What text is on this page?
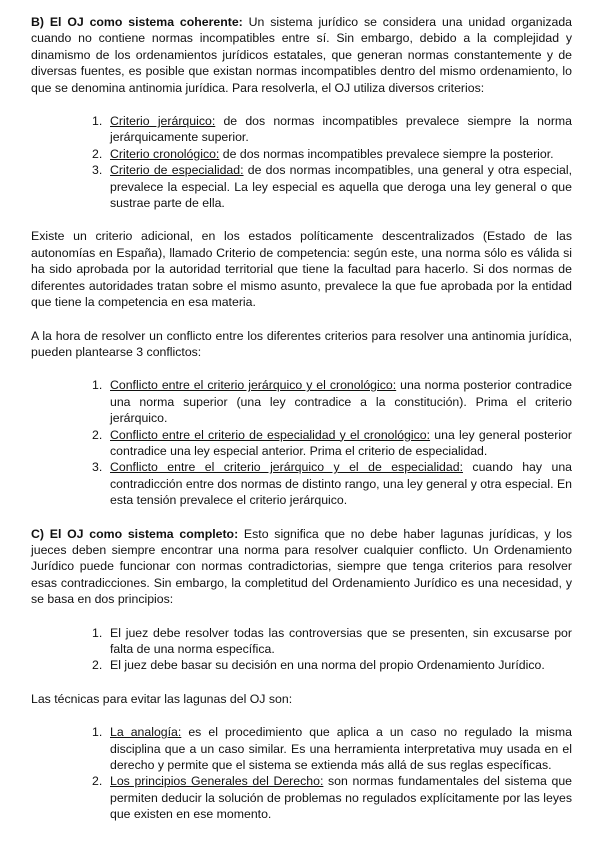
B) El OJ como sistema coherente: Un sistema jurídico se considera una unidad organizada cuando no contiene normas incompatibles entre sí. Sin embargo, debido a la complejidad y dinamismo de los ordenamientos jurídicos estatales, que generan normas constantemente y de diversas fuentes, es posible que existan normas incompatibles dentro del mismo ordenamiento, lo que se denomina antinomia jurídica. Para resolverla, el OJ utiliza diversos criterios:

1. Criterio jerárquico: de dos normas incompatibles prevalece siempre la norma jerárquicamente superior.
2. Criterio cronológico: de dos normas incompatibles prevalece siempre la posterior.
3. Criterio de especialidad: de dos normas incompatibles, una general y otra especial, prevalece la especial. La ley especial es aquella que deroga una ley general o que sustrae parte de ella.

Existe un criterio adicional, en los estados políticamente descentralizados (Estado de las autonomías en España), llamado Criterio de competencia: según este, una norma sólo es válida si ha sido aprobada por la autoridad territorial que tiene la facultad para hacerlo. Si dos normas de diferentes autoridades tratan sobre el mismo asunto, prevalece la que fue aprobada por la entidad que tiene la competencia en esa materia.

A la hora de resolver un conflicto entre los diferentes criterios para resolver una antinomia jurídica, pueden plantearse 3 conflictos:

1. Conflicto entre el criterio jerárquico y el cronológico: una norma posterior contradice una norma superior (una ley contradice a la constitución). Prima el criterio jerárquico.
2. Conflicto entre el criterio de especialidad y el cronológico: una ley general posterior contradice una ley especial anterior. Prima el criterio de especialidad.
3. Conflicto entre el criterio jerárquico y el de especialidad: cuando hay una contradicción entre dos normas de distinto rango, una ley general y otra especial. En esta tensión prevalece el criterio jerárquico.

C) El OJ como sistema completo: Esto significa que no debe haber lagunas jurídicas, y los jueces deben siempre encontrar una norma para resolver cualquier conflicto. Un Ordenamiento Jurídico puede funcionar con normas contradictorias, siempre que tenga criterios para resolver esas contradicciones. Sin embargo, la completitud del Ordenamiento Jurídico es una necesidad, y se basa en dos principios:

1. El juez debe resolver todas las controversias que se presenten, sin excusarse por falta de una norma específica.
2. El juez debe basar su decisión en una norma del propio Ordenamiento Jurídico.

Las técnicas para evitar las lagunas del OJ son:

1. La analogía: es el procedimiento que aplica a un caso no regulado la misma disciplina que a un caso similar. Es una herramienta interpretativa muy usada en el derecho y permite que el sistema se extienda más allá de sus reglas específicas.
2. Los principios Generales del Derecho: son normas fundamentales del sistema que permiten deducir la solución de problemas no regulados explícitamente por las leyes que existen en ese momento.
